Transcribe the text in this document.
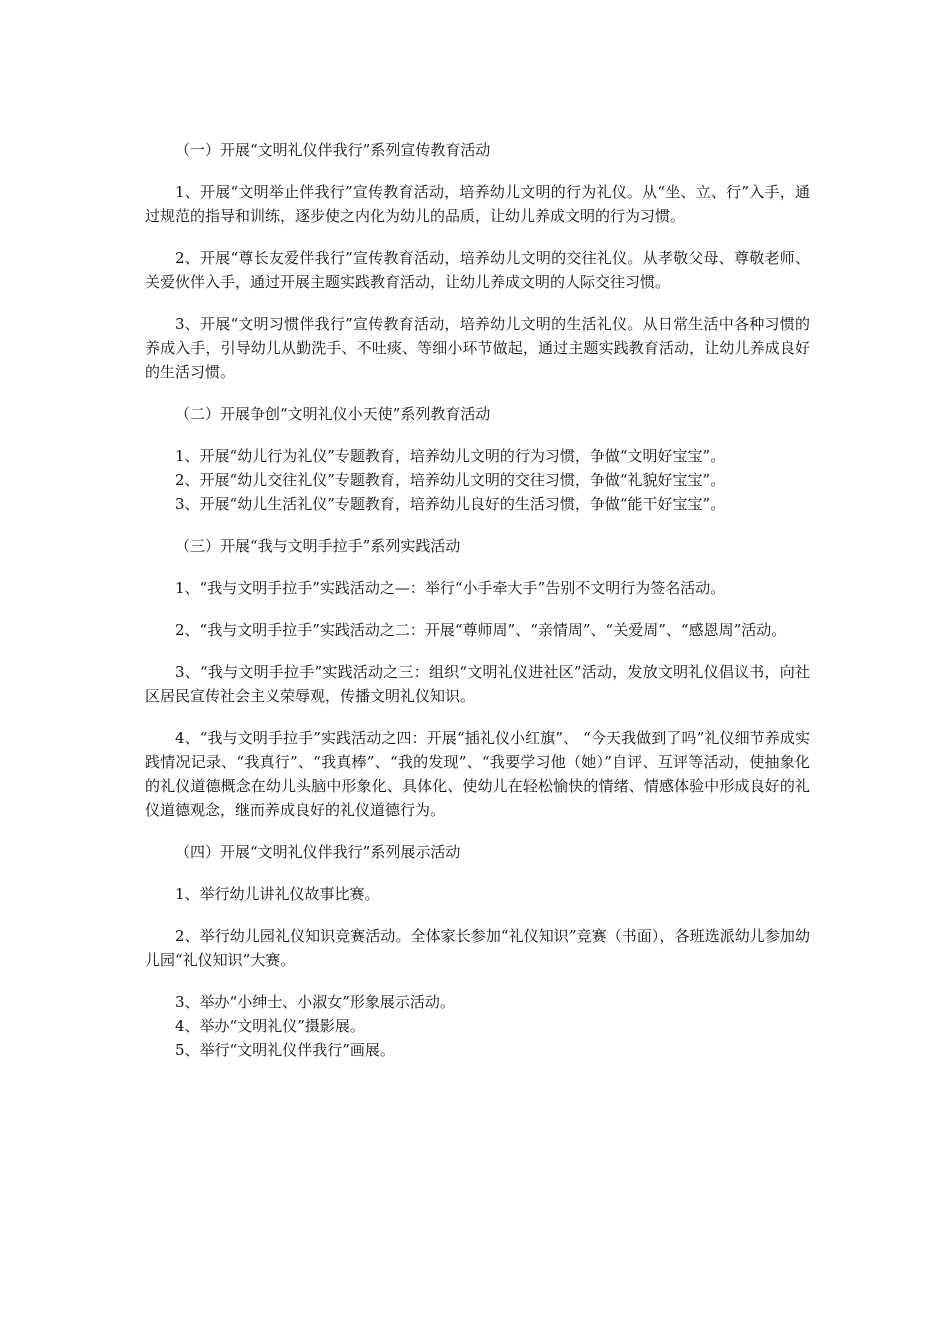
（一）开展“文明礼仪伴我行”系列宣传教育活动

1、开展“文明举止伴我行”宣传教育活动，培养幼儿文明的行为礼仪。从“坐、立、行”入手，通过规范的指导和训练，逐步使之内化为幼儿的品质，让幼儿养成文明的行为习惯。

2、开展“尊长友爱伴我行”宣传教育活动，培养幼儿文明的交往礼仪。从孝敬父母、尊敬老师、关爱伙伴入手，通过开展主题实践教育活动，让幼儿养成文明的人际交往习惯。

3、开展“文明习惯伴我行”宣传教育活动，培养幼儿文明的生活礼仪。从日常生活中各种习惯的养成入手，引导幼儿从勤洗手、不吐痰、等细小环节做起，通过主题实践教育活动，让幼儿养成良好的生活习惯。

（二）开展争创“文明礼仪小天使”系列教育活动

1、开展“幼儿行为礼仪”专题教育，培养幼儿文明的行为习惯，争做“文明好宝宝”。

2、开展“幼儿交往礼仪”专题教育，培养幼儿文明的交往习惯，争做“礼貌好宝宝”。

3、开展“幼儿生活礼仪”专题教育，培养幼儿良好的生活习惯，争做“能干好宝宝”。

（三）开展“我与文明手拉手”系列实践活动

1、“我与文明手拉手”实践活动之—：举行“小手牵大手”告别不文明行为签名活动。

2、“我与文明手拉手”实践活动之二：开展“尊师周”、“亲情周”、“关爱周”、“感恩周”活动。

3、“我与文明手拉手”实践活动之三：组织“文明礼仪进社区”活动，发放文明礼仪倡议书，向社区居民宣传社会主义荣辱观，传播文明礼仪知识。

4、“我与文明手拉手”实践活动之四：开展“插礼仪小红旗”、 “今天我做到了吗”礼仪细节养成实践情况记录、“我真行”、“我真棒”、“我的发现”、“我要学习他（她）”自评、互评等活动，使抽象化的礼仪道德概念在幼儿头脑中形象化、具体化、使幼儿在轻松愉快的情绪、情感体验中形成良好的礼仪道德观念，继而养成良好的礼仪道德行为。

（四）开展“文明礼仪伴我行”系列展示活动

1、举行幼儿讲礼仪故事比赛。

2、举行幼儿园礼仪知识竞赛活动。全体家长参加“礼仪知识”竞赛（书面），各班选派幼儿参加幼儿园“礼仪知识”大赛。

3、举办“小绅士、小淑女”形象展示活动。

4、举办“文明礼仪”摄影展。

5、举行“文明礼仪伴我行”画展。
